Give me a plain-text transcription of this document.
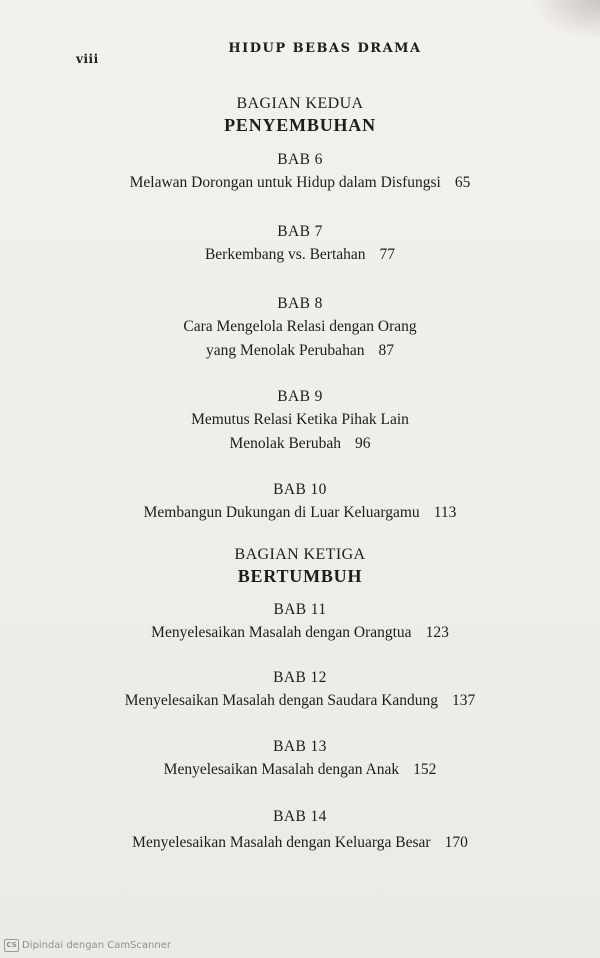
viii
HIDUP BEBAS DRAMA
BAGIAN KEDUA
PENYEMBUHAN
BAB 6
Melawan Dorongan untuk Hidup dalam Disfungsi 65
BAB 7
Berkembang vs. Bertahan 77
BAB 8
Cara Mengelola Relasi dengan Orang
yang Menolak Perubahan 87
BAB 9
Memutus Relasi Ketika Pihak Lain
Menolak Berubah 96
BAB 10
Membangun Dukungan di Luar Keluargamu 113
BAGIAN KETIGA
BERTUMBUH
BAB 11
Menyelesaikan Masalah dengan Orangtua 123
BAB 12
Menyelesaikan Masalah dengan Saudara Kandung 137
BAB 13
Menyelesaikan Masalah dengan Anak 152
BAB 14
Menyelesaikan Masalah dengan Keluarga Besar 170
CS Dipindai dengan CamScanner
